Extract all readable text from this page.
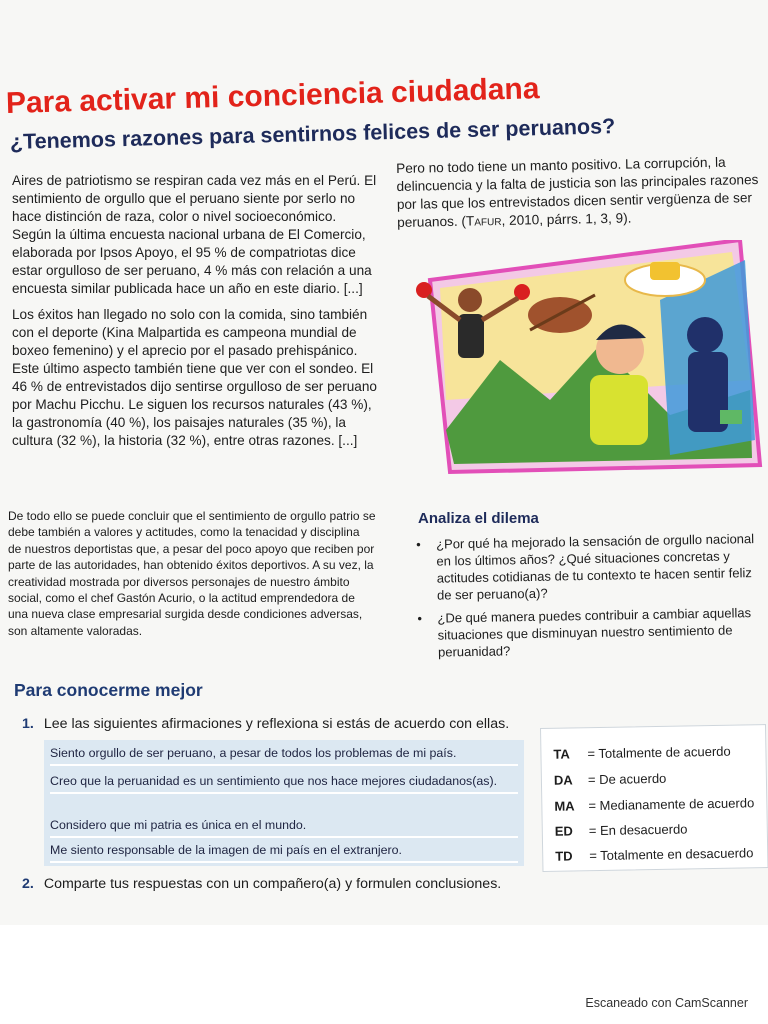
Para activar mi conciencia ciudadana
¿Tenemos razones para sentirnos felices de ser peruanos?

Aires de patriotismo se respiran cada vez más en el Perú. El sentimiento de orgullo que el peruano siente por serlo no hace distinción de raza, color o nivel socioeconómico. Según la última encuesta nacional urbana de El Comercio, elaborada por Ipsos Apoyo, el 95 % de compatriotas dice estar orgulloso de ser peruano, 4 % más con relación a una encuesta similar publicada hace un año en este diario. [...]

Los éxitos han llegado no solo con la comida, sino también con el deporte (Kina Malpartida es campeona mundial de boxeo femenino) y el aprecio por el pasado prehispánico. Este último aspecto también tiene que ver con el sondeo. El 46 % de entrevistados dijo sentirse orgulloso de ser peruano por Machu Picchu. Le siguen los recursos naturales (43 %), la gastronomía (40 %), los paisajes naturales (35 %), la cultura (32 %), la historia (32 %), entre otras razones. [...]

Pero no todo tiene un manto positivo. La corrupción, la delincuencia y la falta de justicia son las principales razones por las que los entrevistados dicen sentir vergüenza de ser peruanos. (Tafur, 2010, párrs. 1, 3, 9).

De todo ello se puede concluir que el sentimiento de orgullo patrio se debe también a valores y actitudes, como la tenacidad y disciplina de nuestros deportistas que, a pesar del poco apoyo que reciben por parte de las autoridades, han obtenido éxitos deportivos. A su vez, la creatividad mostrada por diversos personajes de nuestro ámbito social, como el chef Gastón Acurio, o la actitud emprendedora de una nueva clase empresarial surgida desde condiciones adversas, son altamente valoradas.
Analiza el dilema
• ¿Por qué ha mejorado la sensación de orgullo nacional en los últimos años? ¿Qué situaciones concretas y actitudes cotidianas de tu contexto te hacen sentir feliz de ser peruano(a)?
• ¿De qué manera puedes contribuir a cambiar aquellas situaciones que disminuyan nuestro sentimiento de peruanidad?
Para conocerme mejor
1. Lee las siguientes afirmaciones y reflexiona si estás de acuerdo con ellas.
Siento orgullo de ser peruano, a pesar de todos los problemas de mi país.
Creo que la peruanidad es un sentimiento que nos hace mejores ciudadanos(as).
Considero que mi patria es única en el mundo.
Me siento responsable de la imagen de mi país en el extranjero.
TA = Totalmente de acuerdo
DA = De acuerdo
MA = Medianamente de acuerdo
ED = En desacuerdo
TD = Totalmente en desacuerdo
2. Comparte tus respuestas con un compañero(a) y formulen conclusiones.
Escaneado con CamScanner
